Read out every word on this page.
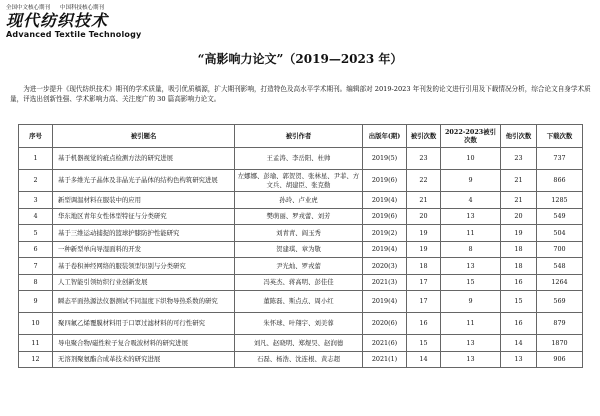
全国中文核心期刊 中国科技核心期刊
现代纺织技术
Advanced Textile Technology
“高影响力论文”（2019—2023 年）

为进一步提升《现代纺织技术》期刊的学术质量，吸引优质稿源，扩大期刊影响，打造特色及高水平学术期刊。编辑部对 2019-2023 年刊发的论文进行引用及下载情况分析，综合论文自身学术质量，评选出创新性强、学术影响力高、关注度广的 30 篇高影响力论文。

序号	被引题名	被引作者	出版年(期)	被引次数	2022-2023被引次数	他引次数	下载次数
1	基于机器视觉的疵点检测方法的研究进展	王孟涛、李岳阳、杜帅	2019(5)	23	10	23	737
2	基于多维光子晶体及非晶光子晶体的结构色构筑研究进展	左娜娜、彭瑜、郭贺贺、张林星、尹菲、方文兵、胡建臣、张克勤	2019(6)	22	9	21	866
3	新型调温材料在服装中的应用	孙玲、卢业虎	2019(4)	21	4	21	1285
4	华东地区青年女性体型特征与分类研究	樊萌丽、罗戎蕾、刘芳	2019(6)	20	13	20	549
5	基于三维运动捕捉的篮球护膝防护性能研究	刘青青、阎玉秀	2019(2)	19	11	19	504
6	一种新型单向导湿面料的开发	贺建琪、章为敬	2019(4)	19	8	18	700
7	基于卷积神经网络的服装领型识别与分类研究	尹光灿、罗戎蕾	2020(3)	18	13	18	548
8	人工智能引领纺织行业创新发展	冯英杰、蒋高明、彭佳佳	2021(3)	17	15	16	1264
9	瞬态平面热源法仪器测试不同温度下织物导热系数的研究	董陈磊、斯点点、周小红	2019(4)	17	9	15	569
10	聚四氟乙烯覆膜材料用于口罩过滤材料的可行性研究	朱怀球、叶翔宇、刘美蓉	2020(6)	16	11	16	879
11	导电聚合物/磁性粒子复合吸波材料的研究进展	刘凡、赵晓明、郑煜昊、赵润德	2021(6)	15	13	14	1870
12	无溶剂聚氨酯合成革技术的研究进展	石磊、杨浩、沈连根、黄志超	2021(1)	14	13	13	906
